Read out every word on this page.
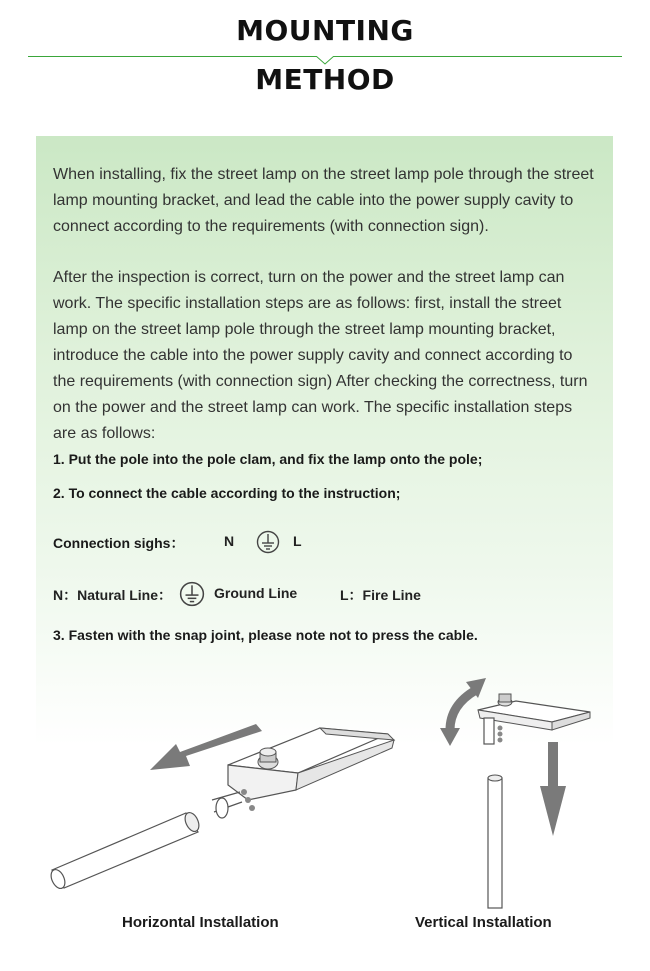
MOUNTING
METHOD

When installing, fix the street lamp on the street lamp pole through the street lamp mounting bracket, and lead the cable into the power supply cavity to connect according to the requirements (with connection sign).

After the inspection is correct, turn on the power and the street lamp can work. The specific installation steps are as follows: first, install the street lamp on the street lamp pole through the street lamp mounting bracket, introduce the cable into the power supply cavity and connect according to the requirements (with connection sign) After checking the correctness, turn on the power and the street lamp can work. The specific installation steps are as follows:

1. Put the pole into the pole clam, and fix the lamp onto the pole;
2. To connect the cable according to the instruction;
Connection sighs：	N	L
N：Natural Line：	Ground Line	L：Fire Line
3. Fasten with the snap joint, please note not to press the cable.
Horizontal Installation	Vertical Installation
